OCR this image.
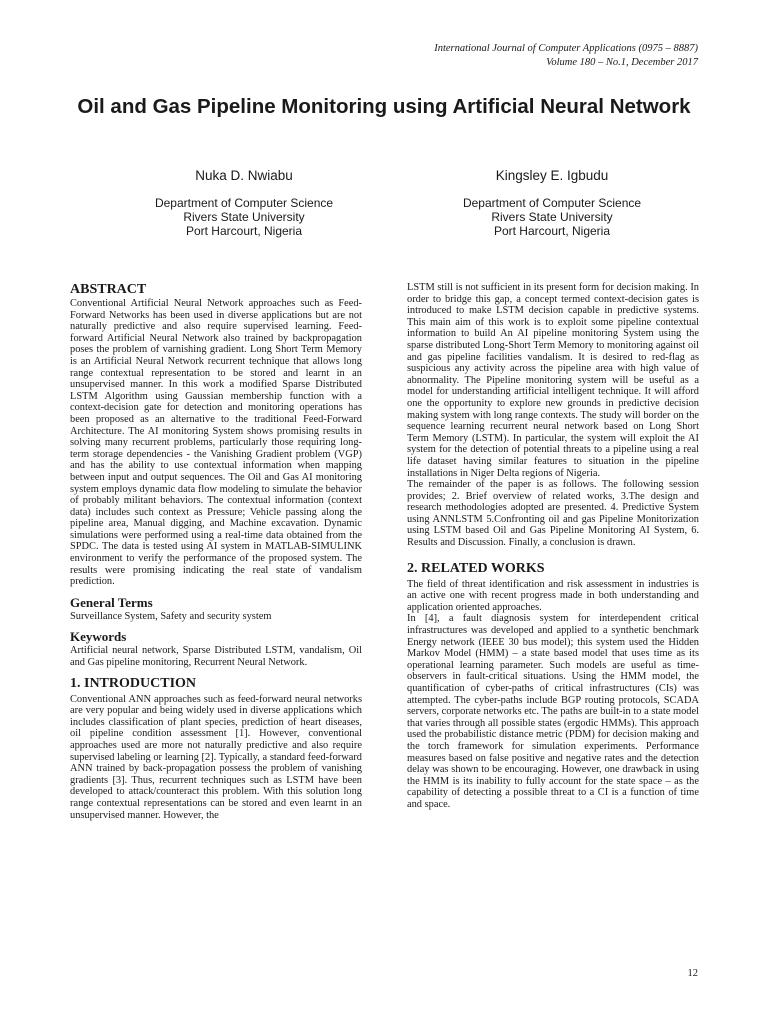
International Journal of Computer Applications (0975 – 8887)
Volume 180 – No.1, December 2017
Oil and Gas Pipeline Monitoring using Artificial Neural Network
Nuka D. Nwiabu
Department of Computer Science
Rivers State University
Port Harcourt, Nigeria
Kingsley E. Igbudu
Department of Computer Science
Rivers State University
Port Harcourt, Nigeria
ABSTRACT

Conventional Artificial Neural Network approaches such as Feed-Forward Networks has been used in diverse applications but are not naturally predictive and also require supervised learning. Feed-forward Artificial Neural Network also trained by backpropagation poses the problem of varnishing gradient. Long Short Term Memory is an Artificial Neural Network recurrent technique that allows long range contextual representation to be stored and learnt in an unsupervised manner. In this work a modified Sparse Distributed LSTM Algorithm using Gaussian membership function with a context-decision gate for detection and monitoring operations has been proposed as an alternative to the traditional Feed-Forward Architecture. The AI monitoring System shows promising results in solving many recurrent problems, particularly those requiring long-term storage dependencies - the Vanishing Gradient problem (VGP) and has the ability to use contextual information when mapping between input and output sequences. The Oil and Gas AI monitoring system employs dynamic data flow modeling to simulate the behavior of probably militant behaviors. The contextual information (context data) includes such context as Pressure; Vehicle passing along the pipeline area, Manual digging, and Machine excavation. Dynamic simulations were performed using a real-time data obtained from the SPDC. The data is tested using AI system in MATLAB-SIMULINK environment to verify the performance of the proposed system. The results were promising indicating the real state of vandalism prediction.

General Terms

Surveillance System, Safety and security system

Keywords

Artificial neural network, Sparse Distributed LSTM, vandalism, Oil and Gas pipeline monitoring, Recurrent Neural Network.

1. INTRODUCTION

Conventional ANN approaches such as feed-forward neural networks are very popular and being widely used in diverse applications which includes classification of plant species, prediction of heart diseases, oil pipeline condition assessment [1]. However, conventional approaches used are more not naturally predictive and also require supervised labeling or learning [2]. Typically, a standard feed-forward ANN trained by back-propagation possess the problem of vanishing gradients [3]. Thus, recurrent techniques such as LSTM have been developed to attack/counteract this problem. With this solution long range contextual representations can be stored and even learnt in an unsupervised manner. However, the

LSTM still is not sufficient in its present form for decision making. In order to bridge this gap, a concept termed context-decision gates is introduced to make LSTM decision capable in predictive systems. This main aim of this work is to exploit some pipeline contextual information to build An AI pipeline monitoring System using the sparse distributed Long-Short Term Memory to monitoring against oil and gas pipeline facilities vandalism. It is desired to red-flag as suspicious any activity across the pipeline area with high value of abnormality. The Pipeline monitoring system will be useful as a model for understanding artificial intelligent technique. It will afford one the opportunity to explore new grounds in predictive decision making system with long range contexts. The study will border on the sequence learning recurrent neural network based on Long Short Term Memory (LSTM). In particular, the system will exploit the AI system for the detection of potential threats to a pipeline using a real life dataset having similar features to situation in the pipeline installations in Niger Delta regions of Nigeria.

The remainder of the paper is as follows. The following session provides; 2. Brief overview of related works, 3.The design and research methodologies adopted are presented. 4. Predictive System using ANNLSTM 5.Confronting oil and gas Pipeline Monitorization using LSTM based Oil and Gas Pipeline Monitoring AI System, 6. Results and Discussion. Finally, a conclusion is drawn.

2. RELATED WORKS

The field of threat identification and risk assessment in industries is an active one with recent progress made in both understanding and application oriented approaches.

In [4], a fault diagnosis system for interdependent critical infrastructures was developed and applied to a synthetic benchmark Energy network (IEEE 30 bus model); this system used the Hidden Markov Model (HMM) – a state based model that uses time as its operational learning parameter. Such models are useful as time-observers in fault-critical situations. Using the HMM model, the quantification of cyber-paths of critical infrastructures (CIs) was attempted. The cyber-paths include BGP routing protocols, SCADA servers, corporate networks etc. The paths are built-in to a state model that varies through all possible states (ergodic HMMs). This approach used the probabilistic distance metric (PDM) for decision making and the torch framework for simulation experiments. Performance measures based on false positive and negative rates and the detection delay was shown to be encouraging. However, one drawback in using the HMM is its inability to fully account for the state space – as the capability of detecting a possible threat to a CI is a function of time and space.

12
